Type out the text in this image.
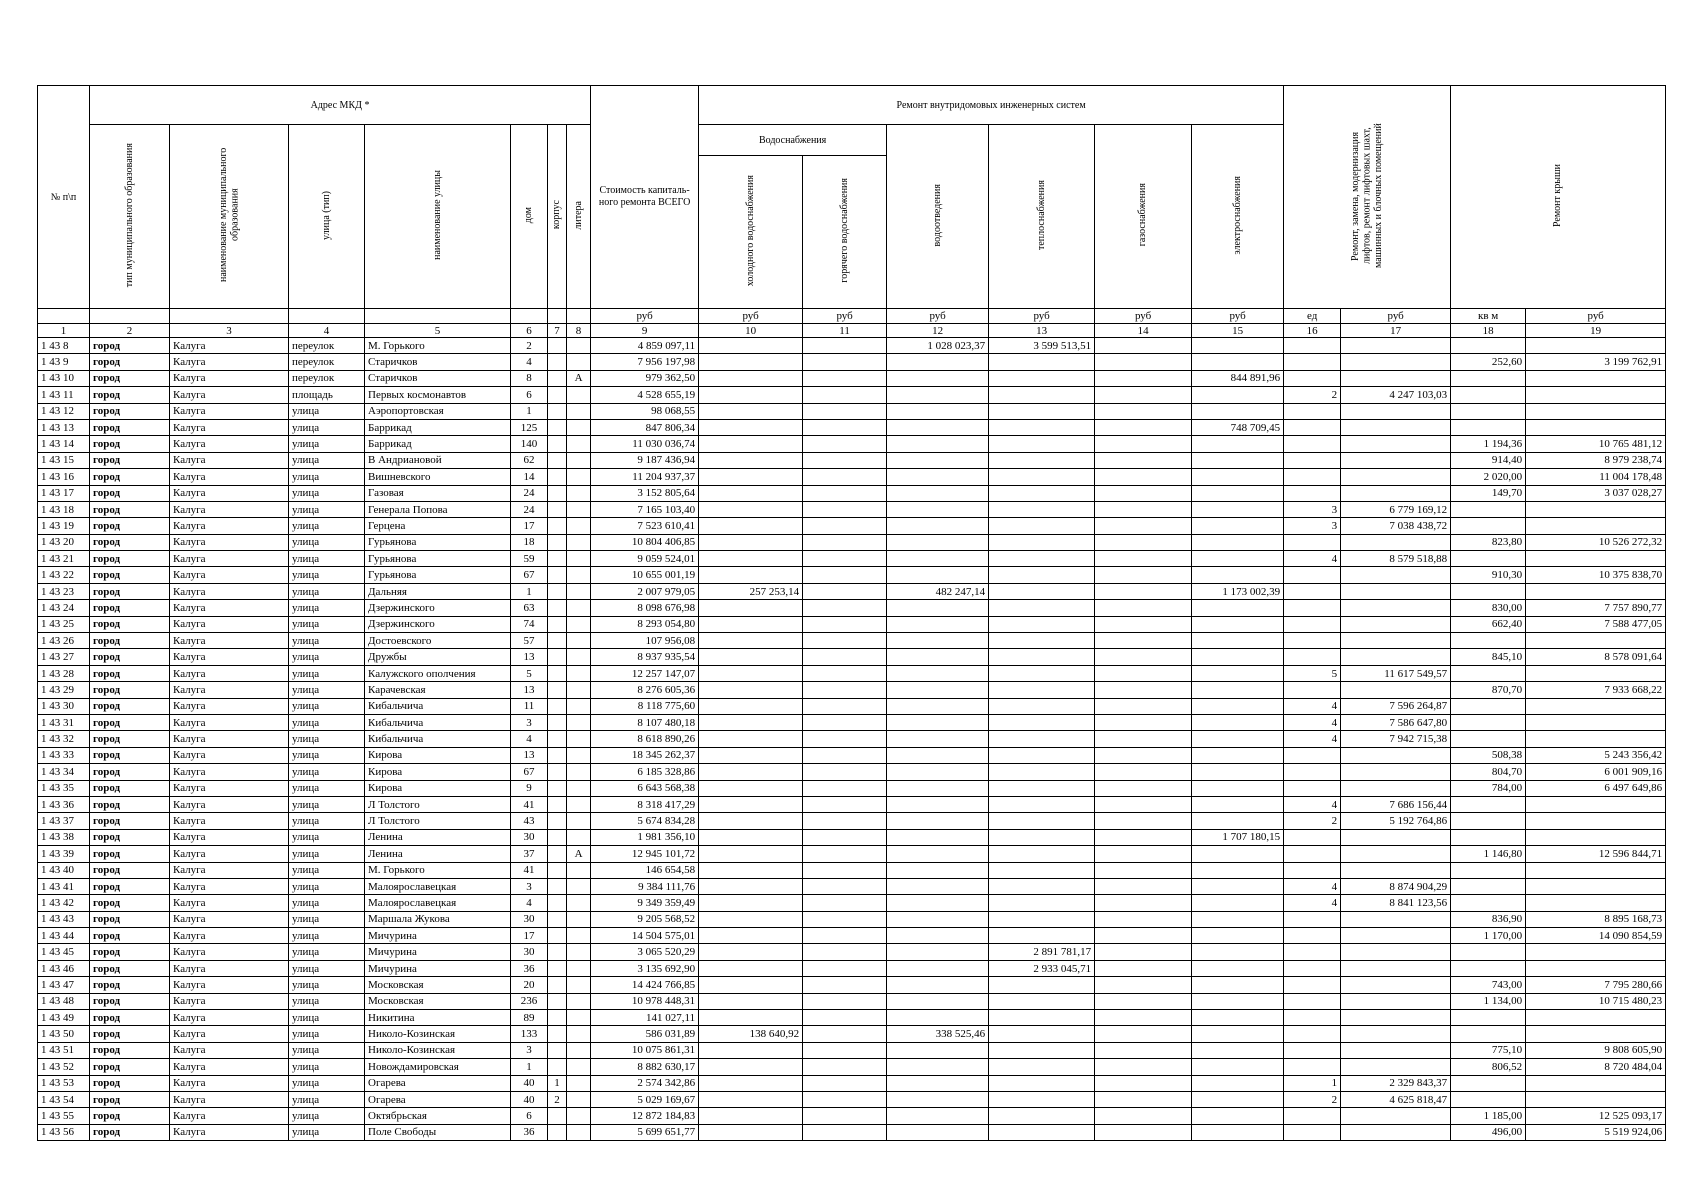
№ п\п	Адрес МКД *							Стоимость капиталь-ного ремонта ВСЕГО	Ремонт внутридомовых инженерных систем						Ремонт, замена, модернизация лифтов, ремонт лифтовых шахт, машинных и блочных помещений		Ремонт крыши	
	тип муниципального образования	наименование муниципального образования	улица (тип)	наименование улицы	дом	корпус	литера		Водоснабжения		водоотведения	теплоснабжения	газоснабжения	электроснабжения				
									холодного водоснабжения	горячего водоснабжения								
								руб	руб	руб	руб	руб	руб	руб	ед	руб	кв м	руб
1	2	3	4	5	6	7	8	9	10	11	12	13	14	15	16	17	18	19
1 43 8	город	Калуга	переулок	М. Горького	2			4 859 097,11			1 028 023,37	3 599 513,51						
1 43 9	город	Калуга	переулок	Старичков	4			7 956 197,98									252,60	3 199 762,91
1 43 10	город	Калуга	переулок	Старичков	8		А	979 362,50						844 891,96				
1 43 11	город	Калуга	площадь	Первых космонавтов	6			4 528 655,19							2	4 247 103,03		
1 43 12	город	Калуга	улица	Аэропортовская	1			98 068,55										
1 43 13	город	Калуга	улица	Баррикад	125			847 806,34						748 709,45				
1 43 14	город	Калуга	улица	Баррикад	140			11 030 036,74									1 194,36	10 765 481,12
1 43 15	город	Калуга	улица	В Андриановой	62			9 187 436,94									914,40	8 979 238,74
1 43 16	город	Калуга	улица	Вишневского	14			11 204 937,37									2 020,00	11 004 178,48
1 43 17	город	Калуга	улица	Газовая	24			3 152 805,64									149,70	3 037 028,27
1 43 18	город	Калуга	улица	Генерала Попова	24			7 165 103,40							3	6 779 169,12		
1 43 19	город	Калуга	улица	Герцена	17			7 523 610,41							3	7 038 438,72		
1 43 20	город	Калуга	улица	Гурьянова	18			10 804 406,85									823,80	10 526 272,32
1 43 21	город	Калуга	улица	Гурьянова	59			9 059 524,01							4	8 579 518,88		
1 43 22	город	Калуга	улица	Гурьянова	67			10 655 001,19									910,30	10 375 838,70
1 43 23	город	Калуга	улица	Дальняя	1			2 007 979,05	257 253,14		482 247,14			1 173 002,39				
1 43 24	город	Калуга	улица	Дзержинского	63			8 098 676,98									830,00	7 757 890,77
1 43 25	город	Калуга	улица	Дзержинского	74			8 293 054,80									662,40	7 588 477,05
1 43 26	город	Калуга	улица	Достоевского	57			107 956,08										
1 43 27	город	Калуга	улица	Дружбы	13			8 937 935,54									845,10	8 578 091,64
1 43 28	город	Калуга	улица	Калужского ополчения	5			12 257 147,07							5	11 617 549,57		
1 43 29	город	Калуга	улица	Карачевская	13			8 276 605,36									870,70	7 933 668,22
1 43 30	город	Калуга	улица	Кибальчича	11			8 118 775,60							4	7 596 264,87		
1 43 31	город	Калуга	улица	Кибальчича	3			8 107 480,18							4	7 586 647,80		
1 43 32	город	Калуга	улица	Кибальчича	4			8 618 890,26							4	7 942 715,38		
1 43 33	город	Калуга	улица	Кирова	13			18 345 262,37									508,38	5 243 356,42
1 43 34	город	Калуга	улица	Кирова	67			6 185 328,86									804,70	6 001 909,16
1 43 35	город	Калуга	улица	Кирова	9			6 643 568,38									784,00	6 497 649,86
1 43 36	город	Калуга	улица	Л Толстого	41			8 318 417,29							4	7 686 156,44		
1 43 37	город	Калуга	улица	Л Толстого	43			5 674 834,28							2	5 192 764,86		
1 43 38	город	Калуга	улица	Ленина	30			1 981 356,10						1 707 180,15				
1 43 39	город	Калуга	улица	Ленина	37		А	12 945 101,72									1 146,80	12 596 844,71
1 43 40	город	Калуга	улица	М. Горького	41			146 654,58										
1 43 41	город	Калуга	улица	Малоярославецкая	3			9 384 111,76							4	8 874 904,29		
1 43 42	город	Калуга	улица	Малоярославецкая	4			9 349 359,49							4	8 841 123,56		
1 43 43	город	Калуга	улица	Маршала Жукова	30			9 205 568,52									836,90	8 895 168,73
1 43 44	город	Калуга	улица	Мичурина	17			14 504 575,01									1 170,00	14 090 854,59
1 43 45	город	Калуга	улица	Мичурина	30			3 065 520,29				2 891 781,17						
1 43 46	город	Калуга	улица	Мичурина	36			3 135 692,90				2 933 045,71						
1 43 47	город	Калуга	улица	Московская	20			14 424 766,85									743,00	7 795 280,66
1 43 48	город	Калуга	улица	Московская	236			10 978 448,31									1 134,00	10 715 480,23
1 43 49	город	Калуга	улица	Никитина	89			141 027,11										
1 43 50	город	Калуга	улица	Николо-Козинская	133			586 031,89	138 640,92		338 525,46							
1 43 51	город	Калуга	улица	Николо-Козинская	3			10 075 861,31									775,10	9 808 605,90
1 43 52	город	Калуга	улица	Новождамировская	1			8 882 630,17									806,52	8 720 484,04
1 43 53	город	Калуга	улица	Огарева	40	1		2 574 342,86							1	2 329 843,37		
1 43 54	город	Калуга	улица	Огарева	40	2		5 029 169,67							2	4 625 818,47		
1 43 55	город	Калуга	улица	Октябрьская	6			12 872 184,83									1 185,00	12 525 093,17
1 43 56	город	Калуга	улица	Поле Свободы	36			5 699 651,77									496,00	5 519 924,06
